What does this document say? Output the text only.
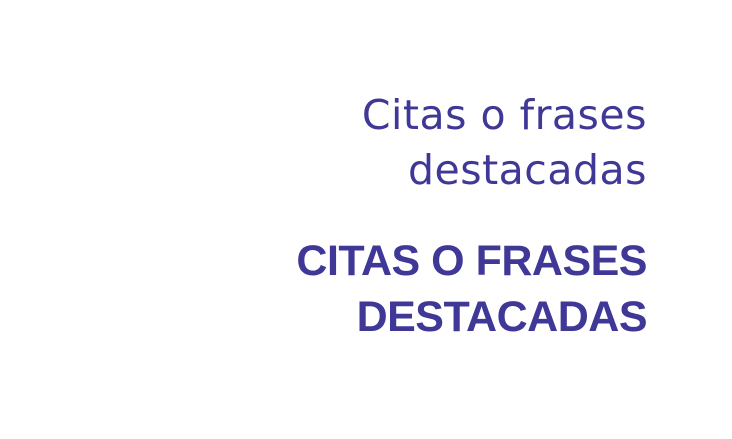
Citas o frases
destacadas
CITAS O FRASES
DESTACADAS
